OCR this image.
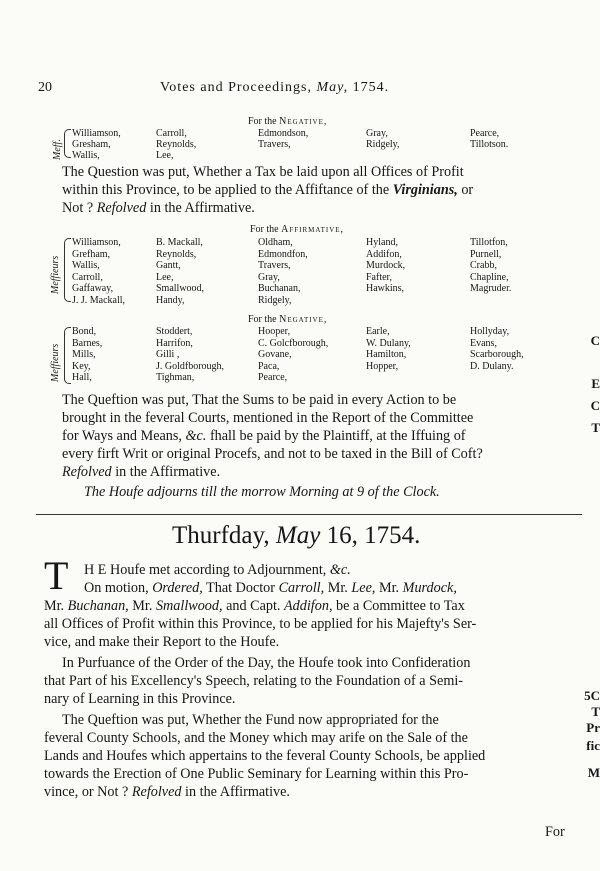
20	Votes and Proceedings, May, 1754.
For the Negative,
Meff.
Williamson,	Carroll,	Edmondson,	Gray,	Pearce,
Gresham,	Reynolds,	Travers,	Ridgely,	Tillotson.
Wallis,	Lee,
The Question was put, Whether a Tax be laid upon all Offices of Profit
within this Province, to be applied to the Affiftance of the Virginians, or
Not ? Refolved in the Affirmative.
For the Affirmative,
Meffieurs
Williamson,	B. Mackall,	Oldham,	Hyland,	Tillotfon,
Grefham,	Reynolds,	Edmondfon,	Addifon,	Purnell,
Wallis,	Gantt,	Travers,	Murdock,	Crabb,
Carroll,	Lee,	Gray,	Fafter,	Chapline,
Gaffaway,	Smallwood,	Buchanan,	Hawkins,	Magruder.
J. J. Mackall,	Handy,	Ridgely,
For the Negative,
Meffieurs
Bond,	Stoddert,	Hooper,	Earle,	Hollyday,
Barnes,	Harrifon,	C. Golcfborough,	W. Dulany,	Evans,
Mills,	Gilli ,	Govane,	Hamilton,	Scarborough,
Key,	J. Goldfborough,	Paca,	Hopper,	D. Dulany.
Hall,	Tighman,	Pearce,
The Queftion was put, That the Sums to be paid in every Action to be
brought in the feveral Courts, mentioned in the Report of the Committee
for Ways and Means, &c. fhall be paid by the Plaintiff, at the Iffuing of
every firft Writ or original Procefs, and not to be taxed in the Bill of Coft?
Refolved in the Affirmative.
The Houfe adjourns till the morrow Morning at 9 of the Clock.
Thurfday, May 16, 1754.
T H E Houfe met according to Adjournment, &c.
On motion, Ordered, That Doctor Carroll, Mr. Lee, Mr. Murdock,
Mr. Buchanan, Mr. Smallwood, and Capt. Addifon, be a Committee to Tax
all Offices of Profit within this Province, to be applied for his Majefty's Ser-
vice, and make their Report to the Houfe.
In Purfuance of the Order of the Day, the Houfe took into Confideration
that Part of his Excellency's Speech, relating to the Foundation of a Semi-
nary of Learning in this Province.
The Queftion was put, Whether the Fund now appropriated for the
feveral County Schools, and the Money which may arife on the Sale of the
Lands and Houfes which appertains to the feveral County Schools, be applied
towards the Erection of One Public Seminary for Learning within this Pro-
vince, or Not ? Refolved in the Affirmative.
For
C
E
C
T
5C
T
Pr
fic
M
